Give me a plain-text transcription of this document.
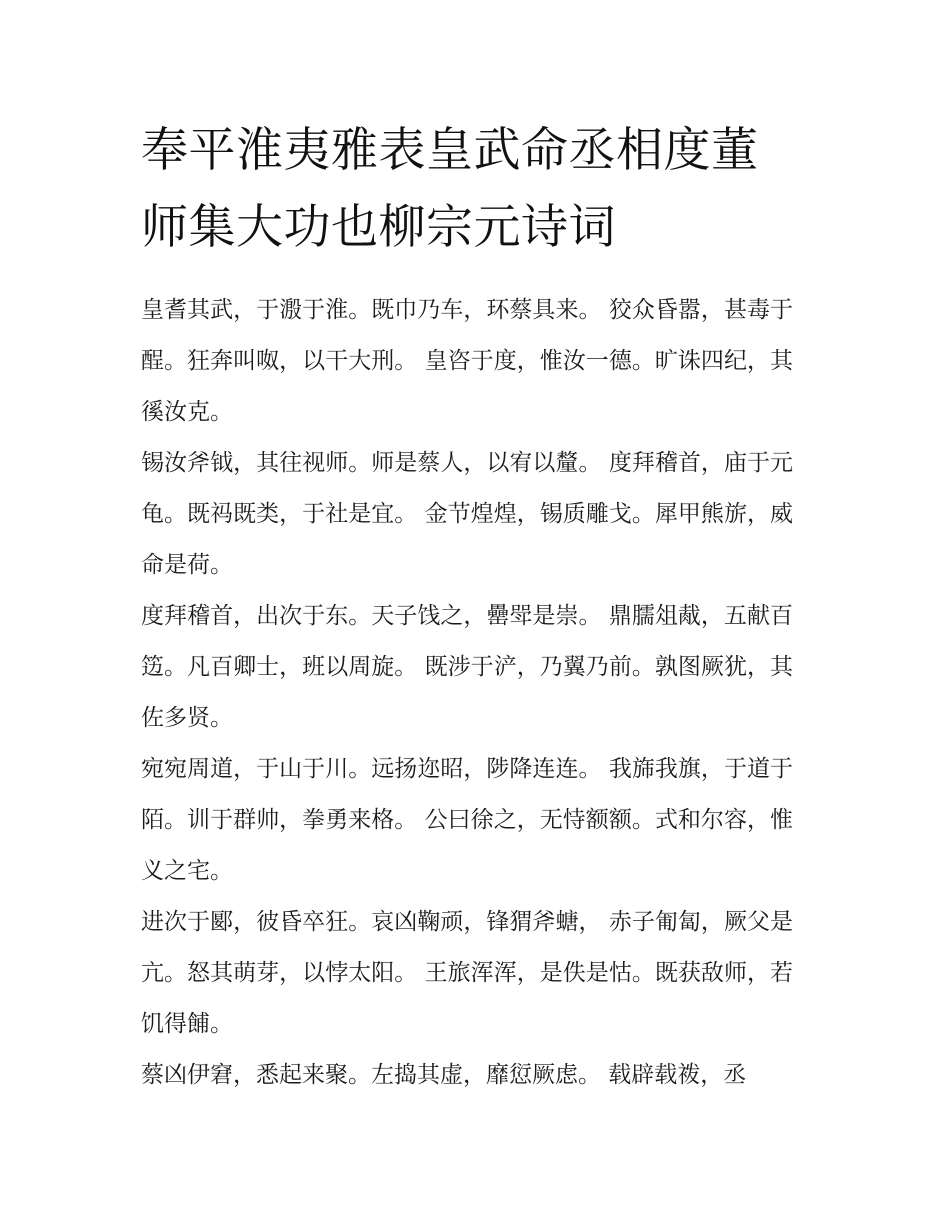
奉平淮夷雅表皇武命丞相度董
师集大功也柳宗元诗词

皇耆其武，于溵于淮。既巾乃车，环蔡具来。 狡众昏嚣，甚毒于酲。狂奔叫呶，以干大刑。 皇咨于度，惟汝一德。旷诛四纪，其徯汝克。

锡汝斧钺，其往视师。师是蔡人，以宥以釐。 度拜稽首，庙于元龟。既祃既类，于社是宜。 金节煌煌，锡质雕戈。犀甲熊旂，威命是荷。

度拜稽首，出次于东。天子饯之，罍斝是崇。 鼎臑俎胾，五献百笾。凡百卿士，班以周旋。 既涉于浐，乃翼乃前。孰图厥犹，其佐多贤。

宛宛周道，于山于川。远扬迩昭，陟降连连。 我旆我旗，于道于陌。训于群帅，拳勇来格。 公曰徐之，无恃额额。式和尔容，惟义之宅。

进次于郾，彼昏卒狂。哀凶鞠顽，锋猬斧螗， 赤子匍匐，厥父是亢。怒其萌芽，以悖太阳。 王旅浑浑，是佚是怙。既获敌师，若饥得餔。

蔡凶伊窘，悉起来聚。左捣其虚，靡愆厥虑。 载辟载袯，丞
